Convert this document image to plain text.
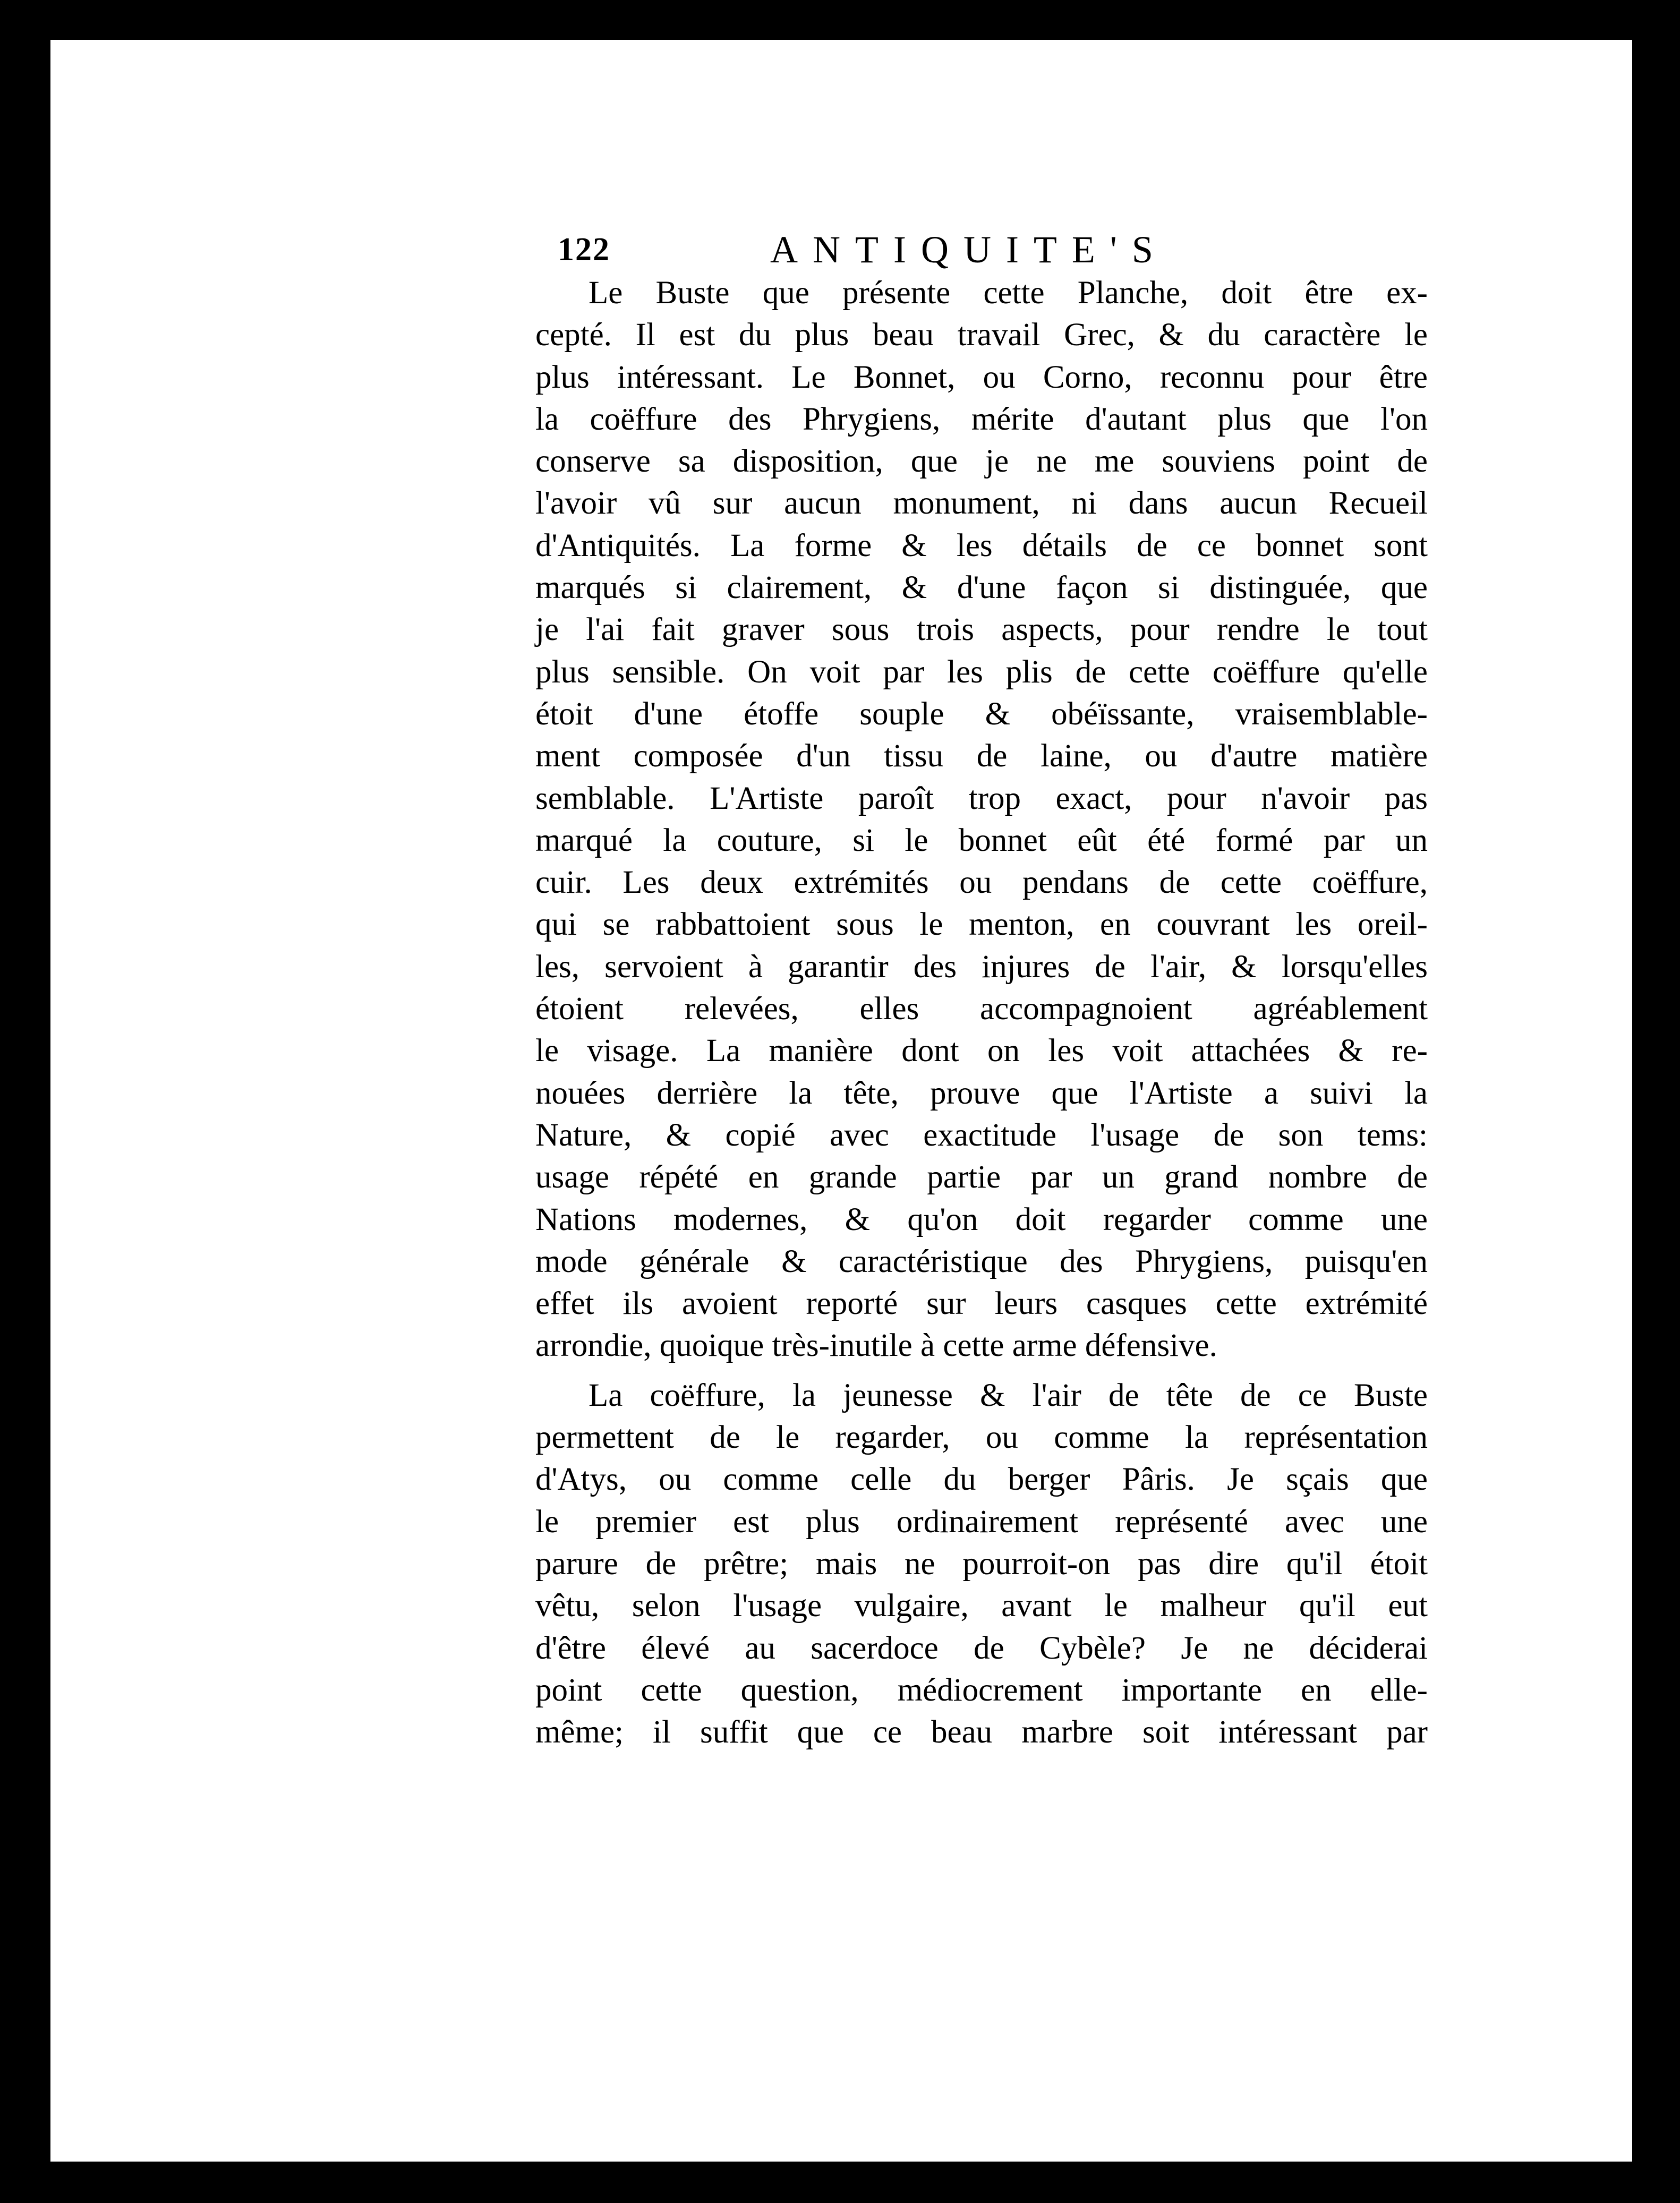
122	ANTIQUITE'S
Le Buste que présente cette Planche, doit être ex-
cepté. Il est du plus beau travail Grec, & du caractère le
plus intéressant. Le Bonnet, ou Corno, reconnu pour être
la coëffure des Phrygiens, mérite d'autant plus que l'on
conserve sa disposition, que je ne me souviens point de
l'avoir vû sur aucun monument, ni dans aucun Recueil
d'Antiquités. La forme & les détails de ce bonnet sont
marqués si clairement, & d'une façon si distinguée, que
je l'ai fait graver sous trois aspects, pour rendre le tout
plus sensible. On voit par les plis de cette coëffure qu'elle
étoit d'une étoffe souple & obéïssante, vraisemblable-
ment composée d'un tissu de laine, ou d'autre matière
semblable. L'Artiste paroît trop exact, pour n'avoir pas
marqué la couture, si le bonnet eût été formé par un
cuir. Les deux extrémités ou pendans de cette coëffure,
qui se rabbattoient sous le menton, en couvrant les oreil-
les, servoient à garantir des injures de l'air, & lorsqu'elles
étoient relevées, elles accompagnoient agréablement
le visage. La manière dont on les voit attachées & re-
nouées derrière la tête, prouve que l'Artiste a suivi la
Nature, & copié avec exactitude l'usage de son tems:
usage répété en grande partie par un grand nombre de
Nations modernes, & qu'on doit regarder comme une
mode générale & caractéristique des Phrygiens, puisqu'en
effet ils avoient reporté sur leurs casques cette extrémité
arrondie, quoique très-inutile à cette arme défensive.
La coëffure, la jeunesse & l'air de tête de ce Buste
permettent de le regarder, ou comme la représentation
d'Atys, ou comme celle du berger Pâris. Je sçais que
le premier est plus ordinairement représenté avec une
parure de prêtre; mais ne pourroit-on pas dire qu'il étoit
vêtu, selon l'usage vulgaire, avant le malheur qu'il eut
d'être élevé au sacerdoce de Cybèle? Je ne déciderai
point cette question, médiocrement importante en elle-
même; il suffit que ce beau marbre soit intéressant par
